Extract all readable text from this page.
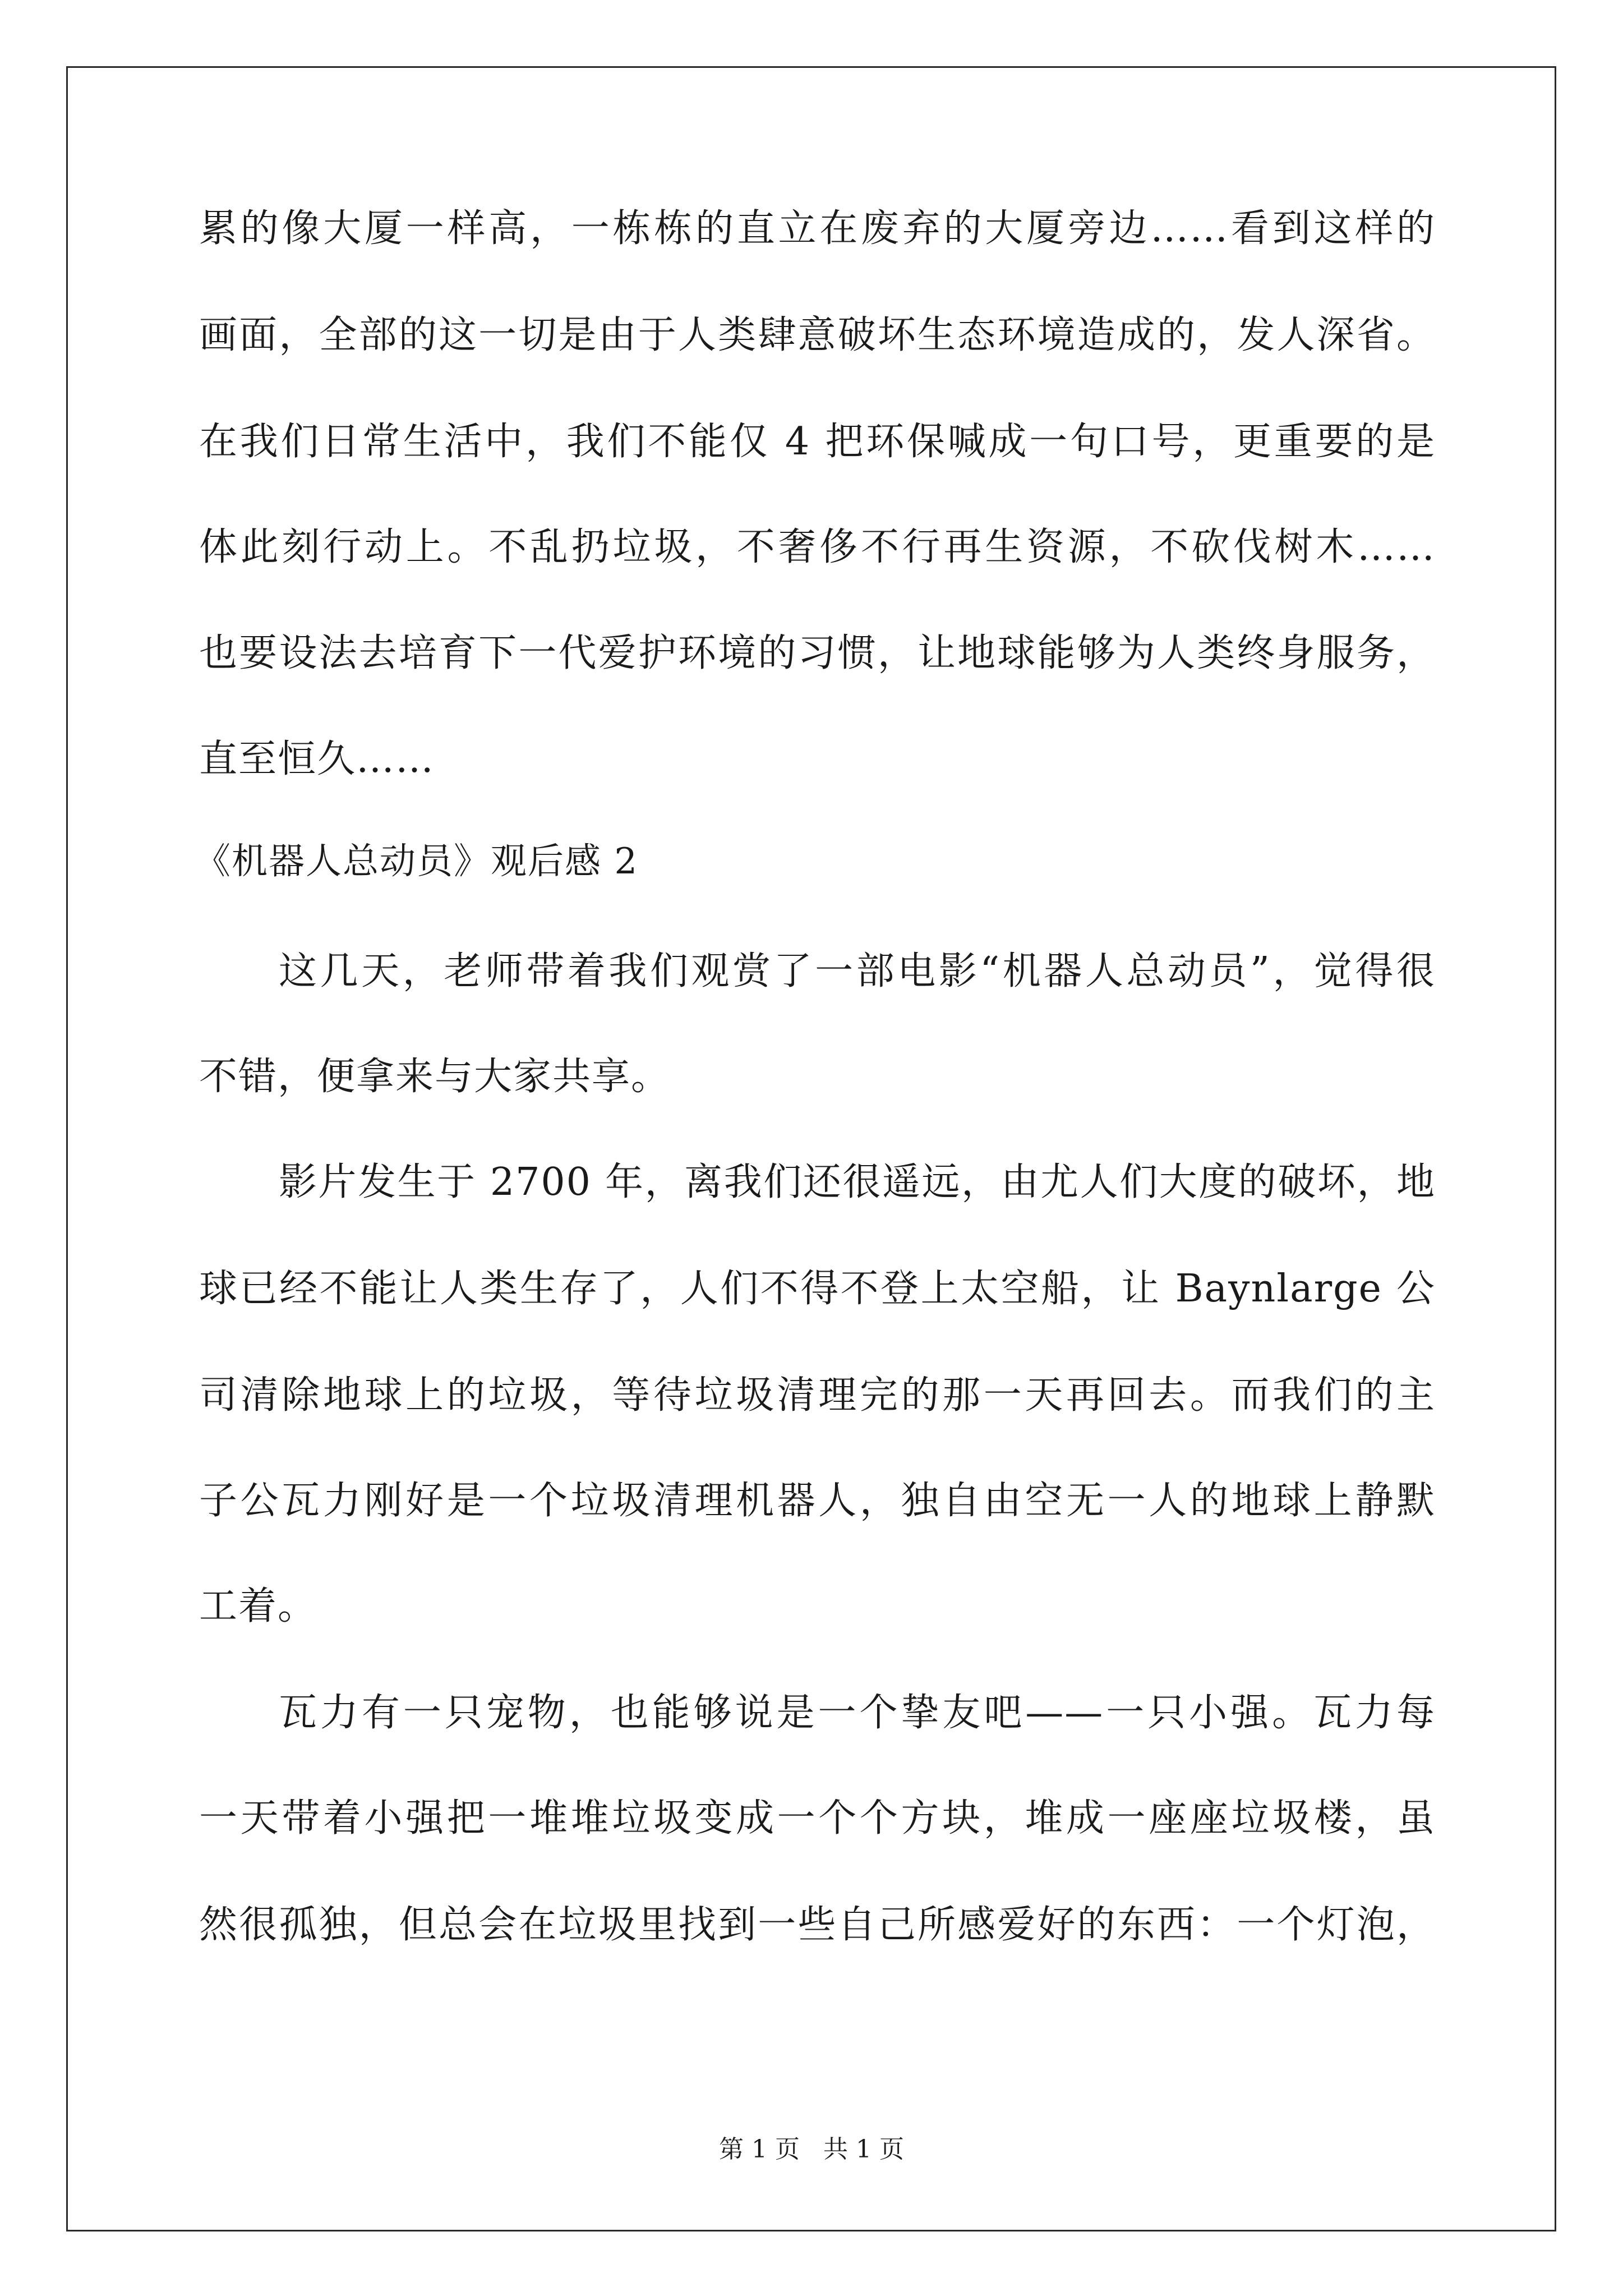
累的像大厦一样高，一栋栋的直立在废弃的大厦旁边……看到这样的
画面，全部的这一切是由于人类肆意破坏生态环境造成的，发人深省。
在我们日常生活中，我们不能仅 4 把环保喊成一句口号，更重要的是
体此刻行动上。不乱扔垃圾，不奢侈不行再生资源，不砍伐树木……
也要设法去培育下一代爱护环境的习惯，让地球能够为人类终身服务，
直至恒久……
《机器人总动员》观后感 2
这几天，老师带着我们观赏了一部电影“机器人总动员”，觉得很
不错，便拿来与大家共享。
影片发生于 2700 年，离我们还很遥远，由尤人们大度的破坏，地
球已经不能让人类生存了，人们不得不登上太空船，让 Baynlarge 公
司清除地球上的垃圾，等待垃圾清理完的那一天再回去。而我们的主
子公瓦力刚好是一个垃圾清理机器人，独自由空无一人的地球上静默
工着。
瓦力有一只宠物，也能够说是一个挚友吧——一只小强。瓦力每
一天带着小强把一堆堆垃圾变成一个个方块，堆成一座座垃圾楼，虽
然很孤独，但总会在垃圾里找到一些自己所感爱好的东西：一个灯泡，
第 1 页 共 1 页
